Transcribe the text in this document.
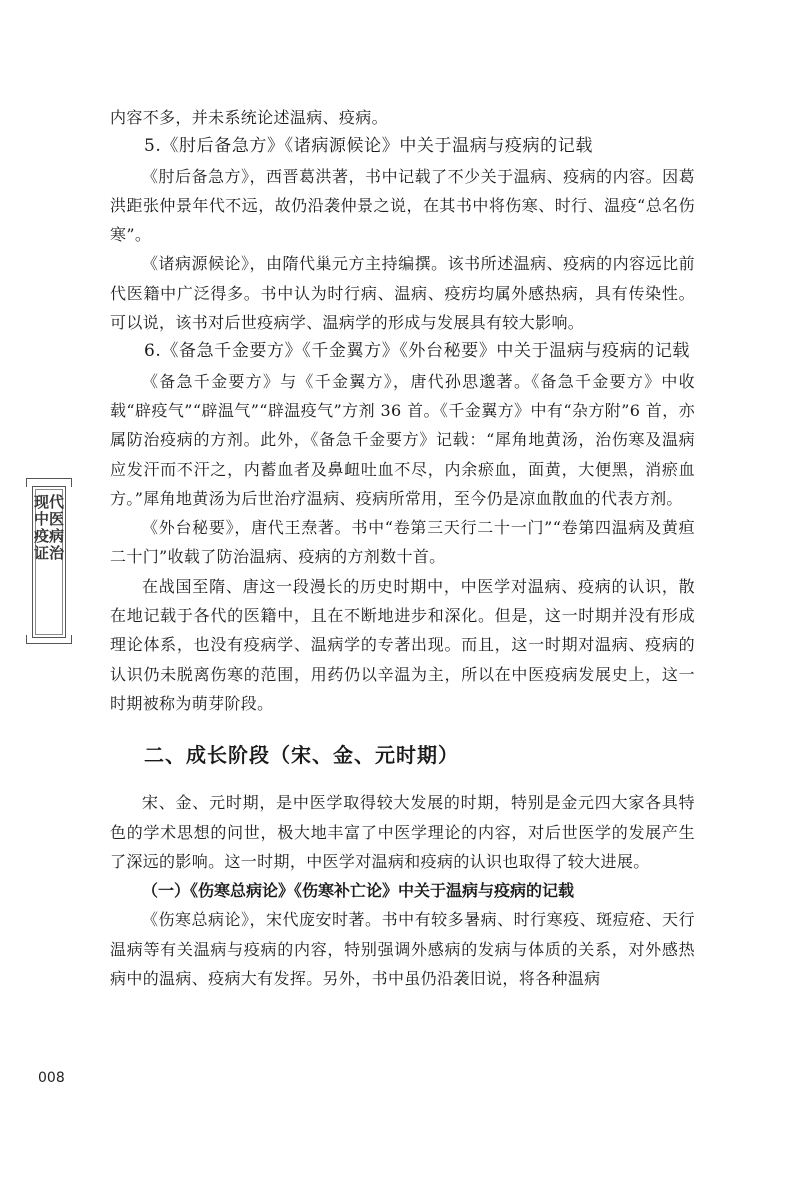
内容不多，并未系统论述温病、疫病。

5.《肘后备急方》《诸病源候论》中关于温病与疫病的记载

《肘后备急方》，西晋葛洪著，书中记载了不少关于温病、疫病的内容。因葛洪距张仲景年代不远，故仍沿袭仲景之说，在其书中将伤寒、时行、温疫“总名伤寒”。

《诸病源候论》，由隋代巢元方主持编撰。该书所述温病、疫病的内容远比前代医籍中广泛得多。书中认为时行病、温病、疫疠均属外感热病，具有传染性。可以说，该书对后世疫病学、温病学的形成与发展具有较大影响。

6.《备急千金要方》《千金翼方》《外台秘要》中关于温病与疫病的记载

《备急千金要方》与《千金翼方》，唐代孙思邈著。《备急千金要方》中收载“辟疫气”“辟温气”“辟温疫气”方剂 36 首。《千金翼方》中有“杂方附”6 首，亦属防治疫病的方剂。此外，《备急千金要方》记载：“犀角地黄汤，治伤寒及温病应发汗而不汗之，内蓄血者及鼻衄吐血不尽，内余瘀血，面黄，大便黑，消瘀血方。”犀角地黄汤为后世治疗温病、疫病所常用，至今仍是凉血散血的代表方剂。

《外台秘要》，唐代王焘著。书中“卷第三天行二十一门”“卷第四温病及黄疸二十门”收载了防治温病、疫病的方剂数十首。

在战国至隋、唐这一段漫长的历史时期中，中医学对温病、疫病的认识，散在地记载于各代的医籍中，且在不断地进步和深化。但是，这一时期并没有形成理论体系，也没有疫病学、温病学的专著出现。而且，这一时期对温病、疫病的认识仍未脱离伤寒的范围，用药仍以辛温为主，所以在中医疫病发展史上，这一时期被称为萌芽阶段。

二、成长阶段（宋、金、元时期）

宋、金、元时期，是中医学取得较大发展的时期，特别是金元四大家各具特色的学术思想的问世，极大地丰富了中医学理论的内容，对后世医学的发展产生了深远的影响。这一时期，中医学对温病和疫病的认识也取得了较大进展。

（一）《伤寒总病论》《伤寒补亡论》中关于温病与疫病的记载

《伤寒总病论》，宋代庞安时著。书中有较多暑病、时行寒疫、斑痘疮、天行温病等有关温病与疫病的内容，特别强调外感病的发病与体质的关系，对外感热病中的温病、疫病大有发挥。另外，书中虽仍沿袭旧说，将各种温病

现代中医疫病证治
008
